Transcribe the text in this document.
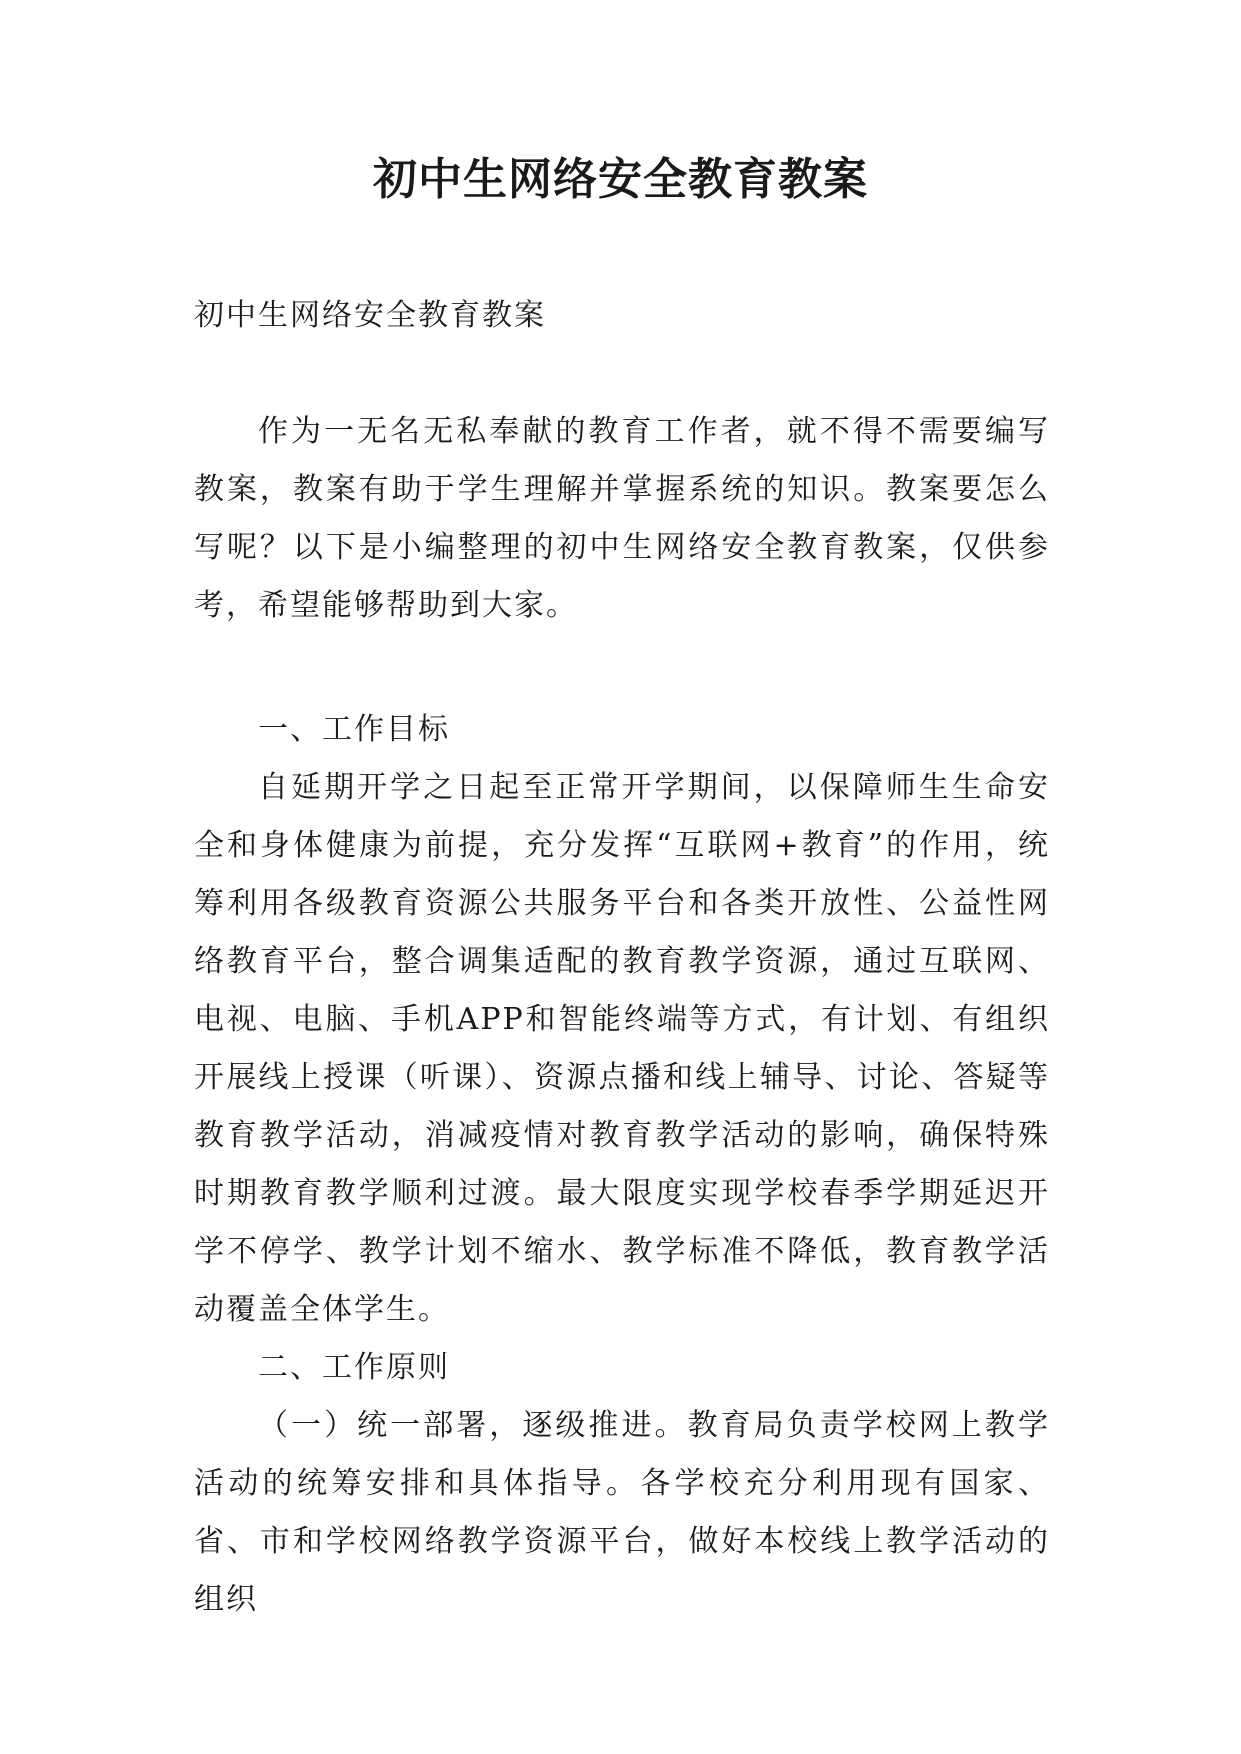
初中生网络安全教育教案

初中生网络安全教育教案

作为一无名无私奉献的教育工作者，就不得不需要编写教案，教案有助于学生理解并掌握系统的知识。教案要怎么写呢？以下是小编整理的初中生网络安全教育教案，仅供参考，希望能够帮助到大家。

一、工作目标

自延期开学之日起至正常开学期间，以保障师生生命安全和身体健康为前提，充分发挥“互联网+教育”的作用，统筹利用各级教育资源公共服务平台和各类开放性、公益性网络教育平台，整合调集适配的教育教学资源，通过互联网、电视、电脑、手机APP和智能终端等方式，有计划、有组织开展线上授课（听课）、资源点播和线上辅导、讨论、答疑等教育教学活动，消减疫情对教育教学活动的影响，确保特殊时期教育教学顺利过渡。最大限度实现学校春季学期延迟开学不停学、教学计划不缩水、教学标准不降低，教育教学活动覆盖全体学生。

二、工作原则

（一）统一部署，逐级推进。教育局负责学校网上教学活动的统筹安排和具体指导。各学校充分利用现有国家、省、市和学校网络教学资源平台，做好本校线上教学活动的组织
